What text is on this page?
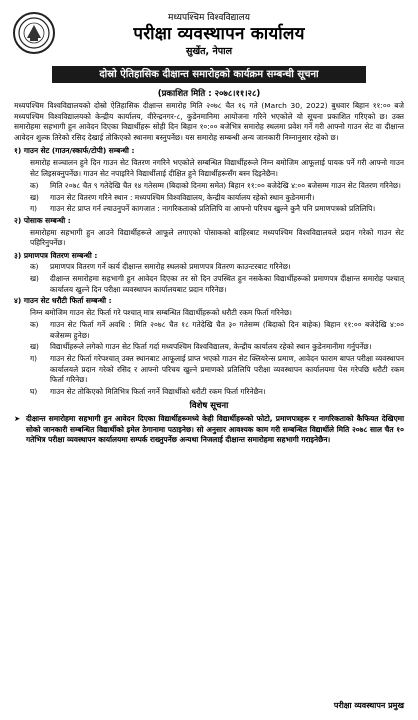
मध्यपश्चिम विश्वविद्यालय
परीक्षा व्यवस्थापन कार्यालय
सुर्खेत, नेपाल
दोस्रो ऐतिहासिक दीक्षान्त समारोहको कार्यक्रम सम्बन्धी सूचना
(प्रकाशित मिति : २०७८।११।२८)

मध्यपश्चिम विश्वविद्यालयको दोस्रो ऐतिहासिक दीक्षान्त समारोह मिति २०७८ चैत १६ गते (March 30, 2022) बुधवार बिहान ११:०० बजे मध्यपश्चिम विश्वविद्यालयको केन्द्रीय कार्यालय, वीरेन्द्रनगर-८, कुडेनमानिमा आयोजना गरिने भएकोले यो सूचना प्रकाशित गरिएको छ। उक्त समारोहमा सहभागी हुन आवेदन दिएका विद्यार्थीहरू सोही दिन बिहान १०:०० बजेभित्र समारोह स्थलमा प्रवेश गर्ने गरी आफ्नो गाउन सेट वा दीक्षान्त आवेदन शुल्क तिरेको रसिद देखाई तोकिएको स्थानमा बस्नुपर्नेछ। यस समारोह सम्बन्धी अन्य जानकारी निम्नानुसार रहेको छ।

१) गाउन सेट (गाउन/स्कार्फ/टोपी) सम्बन्धी :
समारोह सञ्चालन हुने दिन गाउन सेट वितरण नगरिने भएकोले सम्बन्धित विद्यार्थीहरूले निम्न बमोजिम आफूलाई पायक पर्ने गरी आफ्नो गाउन सेट लिइसक्नुपर्नेछ। गाउन सेट नपाइरिने विद्यार्थीलाई दीक्षित हुने विद्यार्थीहरूसँग बस्न दिइनेछैन।
क)	मिति २०७८ चैत ९ गतेदेखि चैत १४ गतेसम्म (बिदाको दिनमा समेत) बिहान ११:०० बजेदेखि ४:०० बजेसम्म गाउन सेट वितरण गरिनेछ।
ख)	गाउन सेट वितरण गरिने स्थान : मध्यपश्चिम विश्वविद्यालय, केन्द्रीय कार्यालय रहेको स्थान कुडेनमानी।
ग)	गाउन सेट प्राप्त गर्न ल्याउनुपर्ने कागजात : नागरिकताको प्रतिलिपि वा आफ्नो परिचय खुल्ने कुनै पनि प्रमाणपत्रको प्रतिलिपि।
२) पोसाक सम्बन्धी :
समारोहमा सहभागी हुन आउने विद्यार्थीहरूले आफूले लगाएको पोसाकको बाहिरबाट मध्यपश्चिम विश्वविद्यालयले प्रदान गरेको गाउन सेट पहिरिनुपर्नेछ।
३) प्रमाणपत्र वितरण सम्बन्धी :
क)	प्रमाणपत्र वितरण गर्ने कार्य दीक्षान्त समारोह स्थलको प्रमाणपत्र वितरण काउन्टरबाट गरिनेछ।
ख)	दीक्षान्त समारोहमा सहभागी हुन आवेदन दिएका तर सो दिन उपस्थित हुन नसकेका विद्यार्थीहरूको प्रमाणपत्र दीक्षान्त समारोह पश्चात् कार्यालय खुल्ने दिन परीक्षा व्यवस्थापन कार्यालयबाट प्रदान गरिनेछ।
४) गाउन सेट धरौटी फिर्ता सम्बन्धी :
निम्न बमोजिम गाउन सेट फिर्ता गरे पश्चात् मात्र सम्बन्धित विद्यार्थीहरूको धरौटी रकम फिर्ता गरिनेछ।
क)	गाउन सेट फिर्ता गर्ने अवधि : मिति २०७८ चैत १८ गतेदेखि चैत ३० गतेसम्म (बिदाको दिन बाहेक) बिहान ११:०० बजेदेखि ४:०० बजेसम्म हुनेछ।
ख)	विद्यार्थीहरूले लगेको गाउन सेट फिर्ता गर्दा मध्यपश्चिम विश्वविद्यालय, केन्द्रीय कार्यालय रहेको स्थान कुडेनमानीमा गर्नुपर्नेछ।
ग)	गाउन सेट फिर्ता गरेपश्चात् उक्त स्थानबाट आफूलाई प्राप्त भएको गाउन सेट क्लियरेन्स प्रमाण, आवेदन फाराम बापत परीक्षा व्यवस्थापन कार्यालयले प्रदान गरेको रसिद र आफ्नो परिचय खुल्ने प्रमाणको प्रतिलिपि परीक्षा व्यवस्थापन कार्यालयमा पेस गरेपछि धरौटी रकम फिर्ता गरिनेछ।
घ)	गाउन सेट तोकिएको मितिभित्र फिर्ता नगर्ने विद्यार्थीको धरौटी रकम फिर्ता गरिनेछैन।
विशेष सूचना
➤ दीक्षान्त समारोहमा सहभागी हुन आवेदन दिएका विद्यार्थीहरूमध्ये केही विद्यार्थीहरूको फोटो, प्रमाणपत्रहरू र नागरिकताको कैफियत देखिएमा सोको जानकारी सम्बन्धित विद्यार्थीको इमेल ठेगानामा पठाइनेछ। सो अनुसार आवश्यक काम गरी सम्बन्धित विद्यार्थीले मिति २०७८ साल चैत १० गतेभित्र परीक्षा व्यवस्थापन कार्यालयमा सम्पर्क राख्नुपर्नेछ अन्यथा निजलाई दीक्षान्त समारोहमा सहभागी गराइनेछैन।
परीक्षा व्यवस्थापन प्रमुख
